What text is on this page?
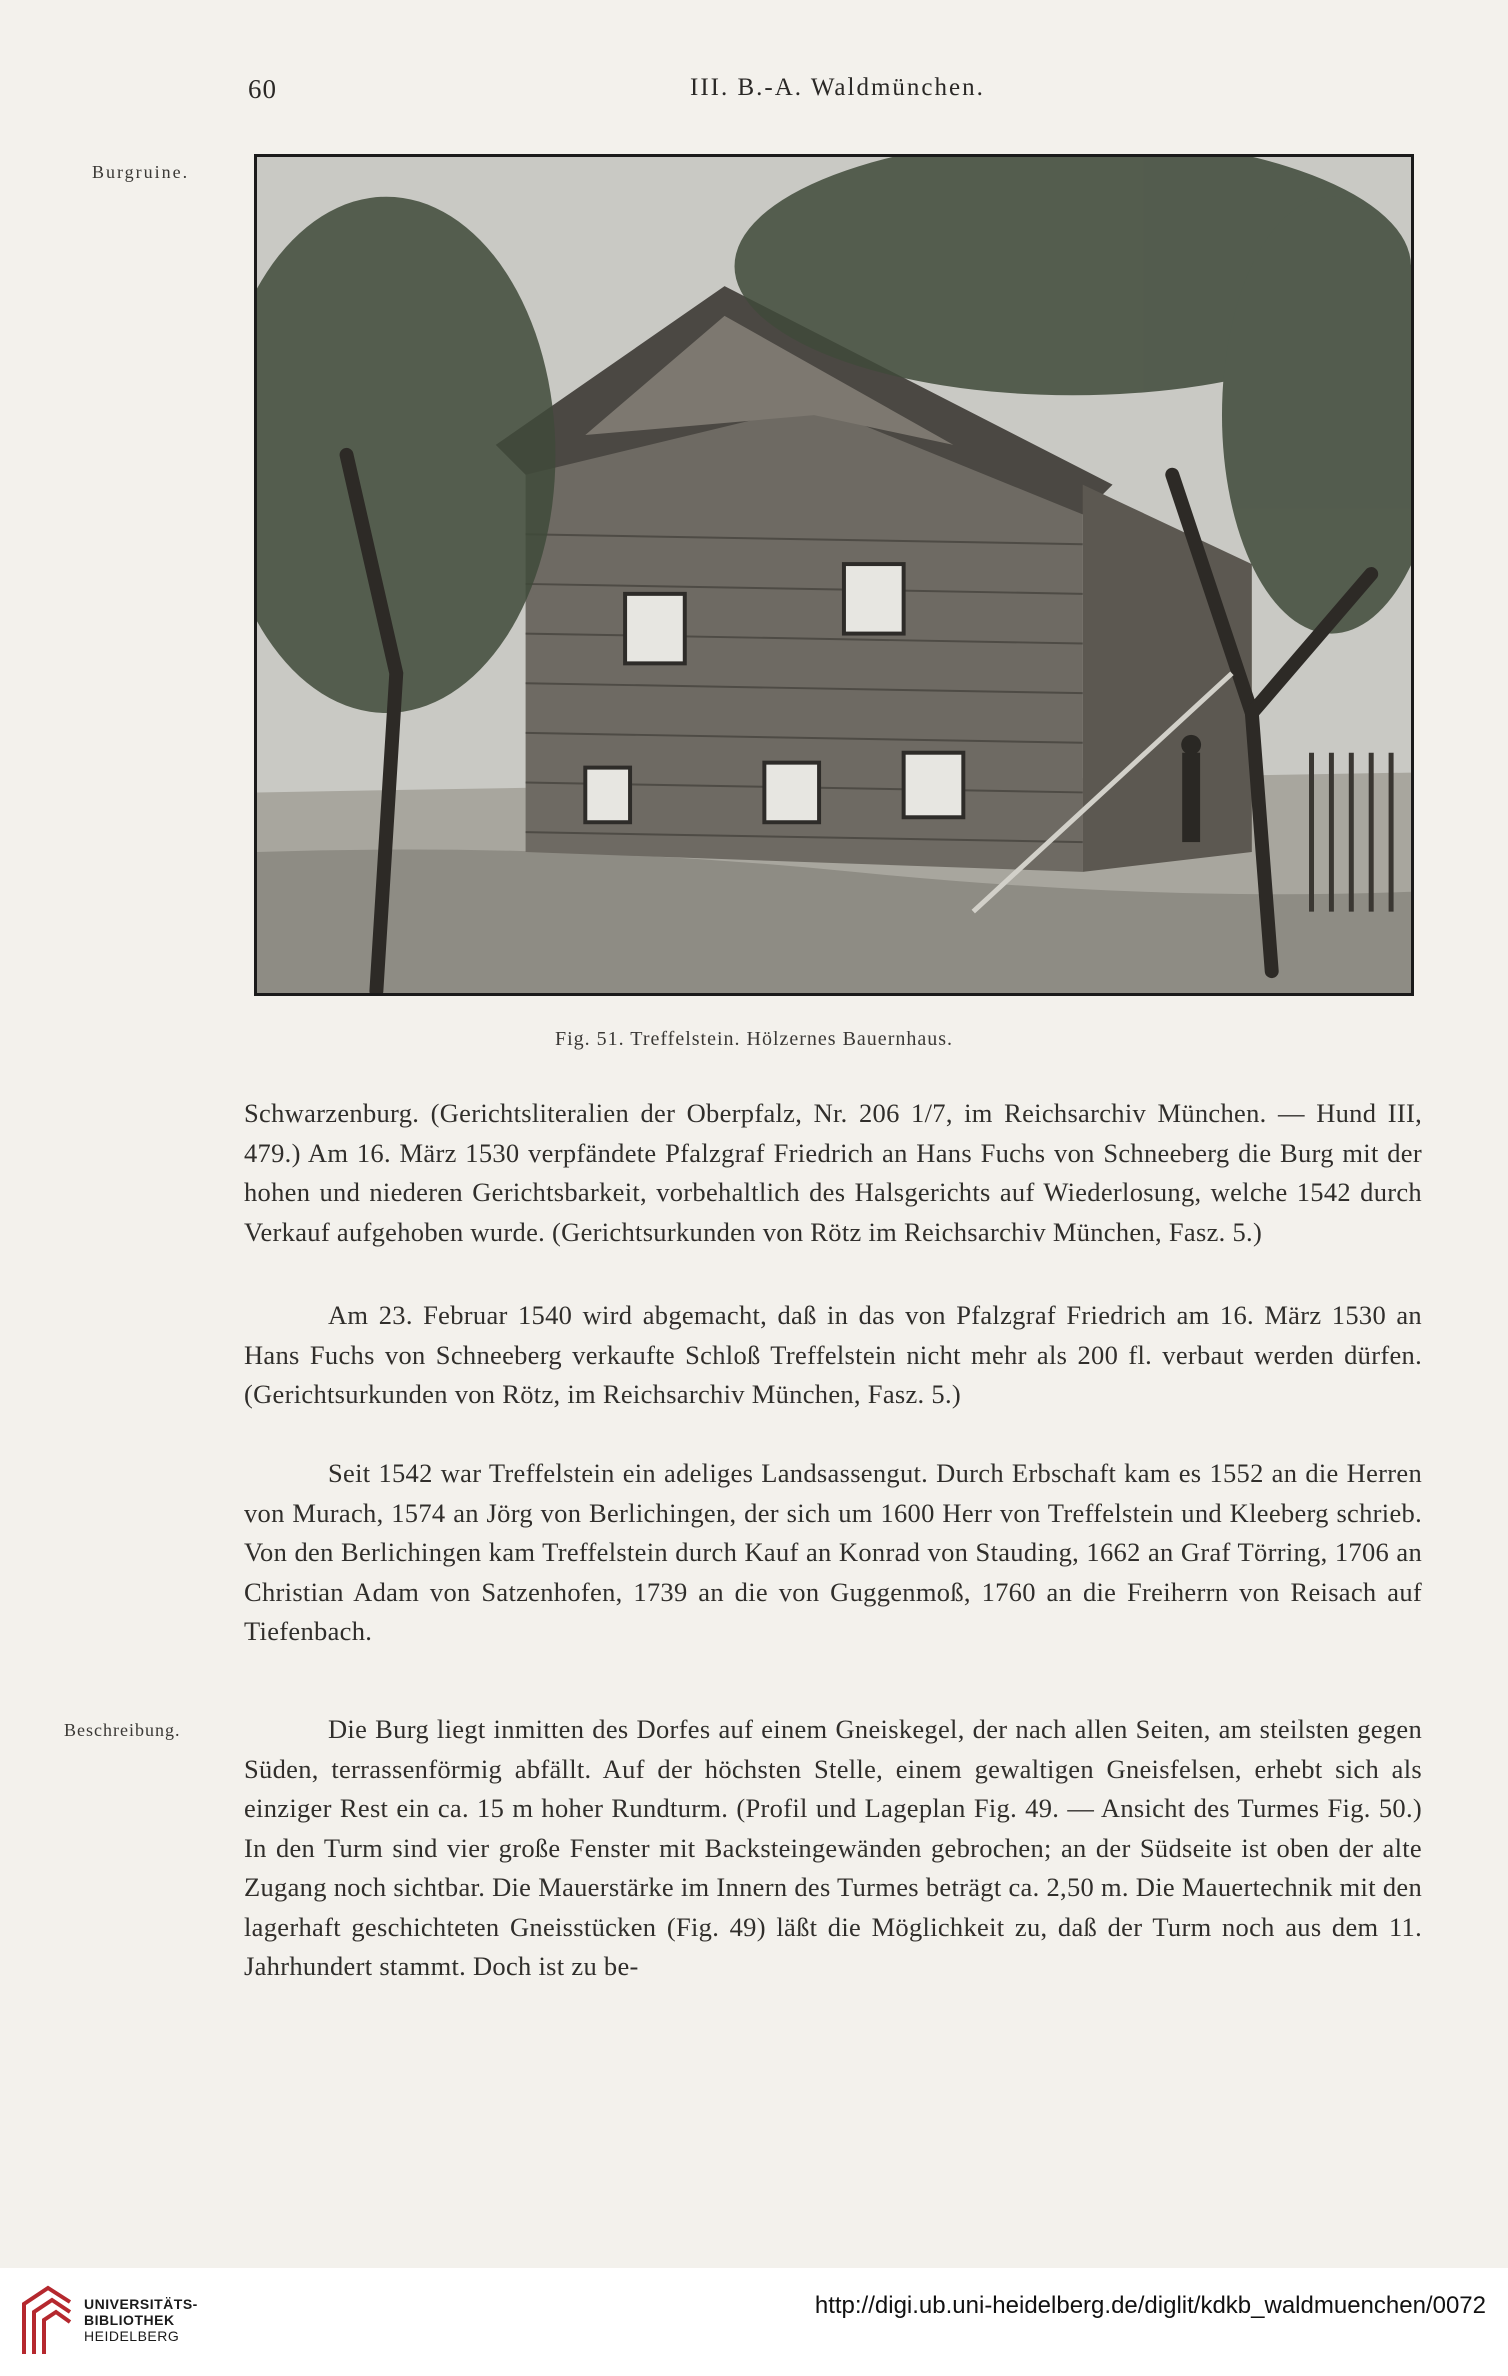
60	III. B.-A. Waldmünchen.
Burgruine.
Fig. 51. Treffelstein. Hölzernes Bauernhaus.

Schwarzenburg. (Gerichtsliteralien der Oberpfalz, Nr. 206 1/7, im Reichsarchiv München. — Hund III, 479.) Am 16. März 1530 verpfändete Pfalzgraf Friedrich an Hans Fuchs von Schneeberg die Burg mit der hohen und niederen Gerichtsbarkeit, vorbehaltlich des Halsgerichts auf Wiederlosung, welche 1542 durch Verkauf aufgehoben wurde. (Gerichtsurkunden von Rötz im Reichsarchiv München, Fasz. 5.)

Am 23. Februar 1540 wird abgemacht, daß in das von Pfalzgraf Friedrich am 16. März 1530 an Hans Fuchs von Schneeberg verkaufte Schloß Treffelstein nicht mehr als 200 fl. verbaut werden dürfen. (Gerichtsurkunden von Rötz, im Reichsarchiv München, Fasz. 5.)

Seit 1542 war Treffelstein ein adeliges Landsassengut. Durch Erbschaft kam es 1552 an die Herren von Murach, 1574 an Jörg von Berlichingen, der sich um 1600 Herr von Treffelstein und Kleeberg schrieb. Von den Berlichingen kam Treffelstein durch Kauf an Konrad von Stauding, 1662 an Graf Törring, 1706 an Christian Adam von Satzenhofen, 1739 an die von Guggenmoß, 1760 an die Freiherrn von Reisach auf Tiefenbach.

Beschreibung.	Die Burg liegt inmitten des Dorfes auf einem Gneiskegel, der nach allen Seiten, am steilsten gegen Süden, terrassenförmig abfällt. Auf der höchsten Stelle, einem gewaltigen Gneisfelsen, erhebt sich als einziger Rest ein ca. 15 m hoher Rundturm. (Profil und Lageplan Fig. 49. — Ansicht des Turmes Fig. 50.) In den Turm sind vier große Fenster mit Backsteingewänden gebrochen; an der Südseite ist oben der alte Zugang noch sichtbar. Die Mauerstärke im Innern des Turmes beträgt ca. 2,50 m. Die Mauertechnik mit den lagerhaft geschichteten Gneisstücken (Fig. 49) läßt die Möglichkeit zu, daß der Turm noch aus dem 11. Jahrhundert stammt. Doch ist zu be-

UNIVERSITÄTS-
BIBLIOTHEK
HEIDELBERG
http://digi.ub.uni-heidelberg.de/diglit/kdkb_waldmuenchen/0072
